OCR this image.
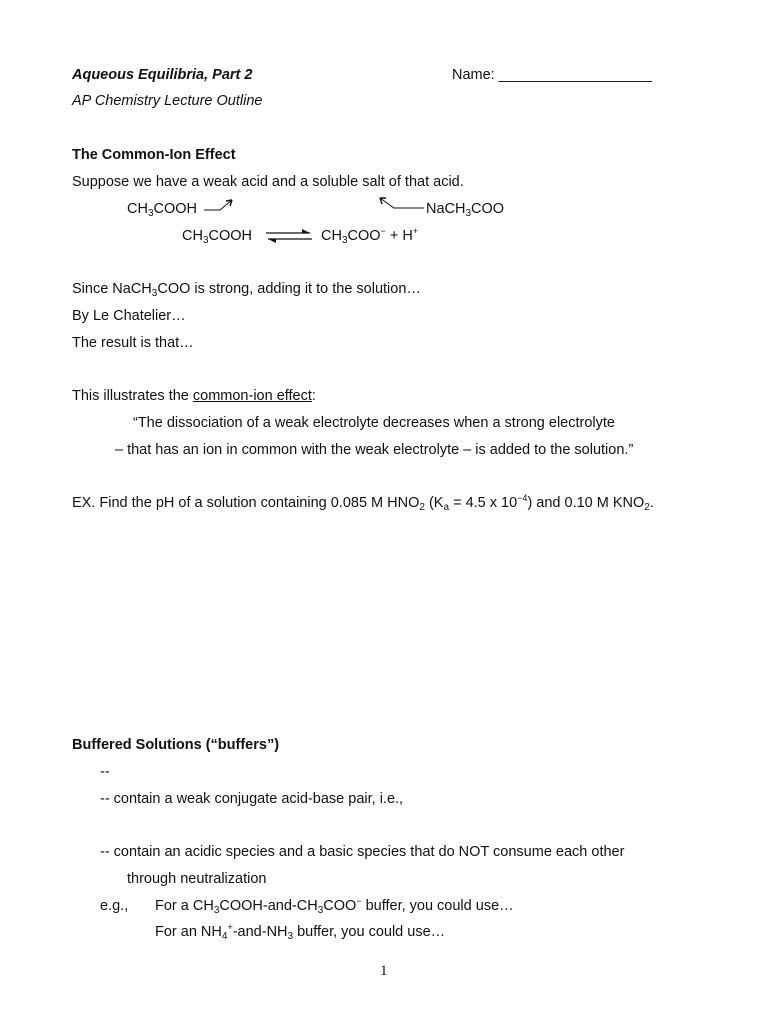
Aqueous Equilibria, Part 2
AP Chemistry Lecture Outline
Name: ___________________
The Common-Ion Effect
Suppose we have a weak acid and a soluble salt of that acid.
$CH_3COOH$	NaCH$_3$COO
$CH_3COOH$ ⇌ $CH_3COO^- + H^+$
Since NaCH$_3$COO is strong, adding it to the solution…
By Le Chatelier…
The result is that…
This illustrates the common-ion effect:
“The dissociation of a weak electrolyte decreases when a strong electrolyte
– that has an ion in common with the weak electrolyte – is added to the solution.”
EX. Find the pH of a solution containing 0.085 M $HNO_2$ ($K_a = 4.5$ x $10^{-4}$) and 0.10 M $KNO_2$.
Buffered Solutions (“buffers”)
--
-- contain a weak conjugate acid-base pair, i.e.,
-- contain an acidic species and a basic species that do NOT consume each other
through neutralization
e.g., For a $CH_3COOH-and-CH_3COO^-$ buffer, you could use…
For an $NH_4^+-and-NH_3$ buffer, you could use…
1
